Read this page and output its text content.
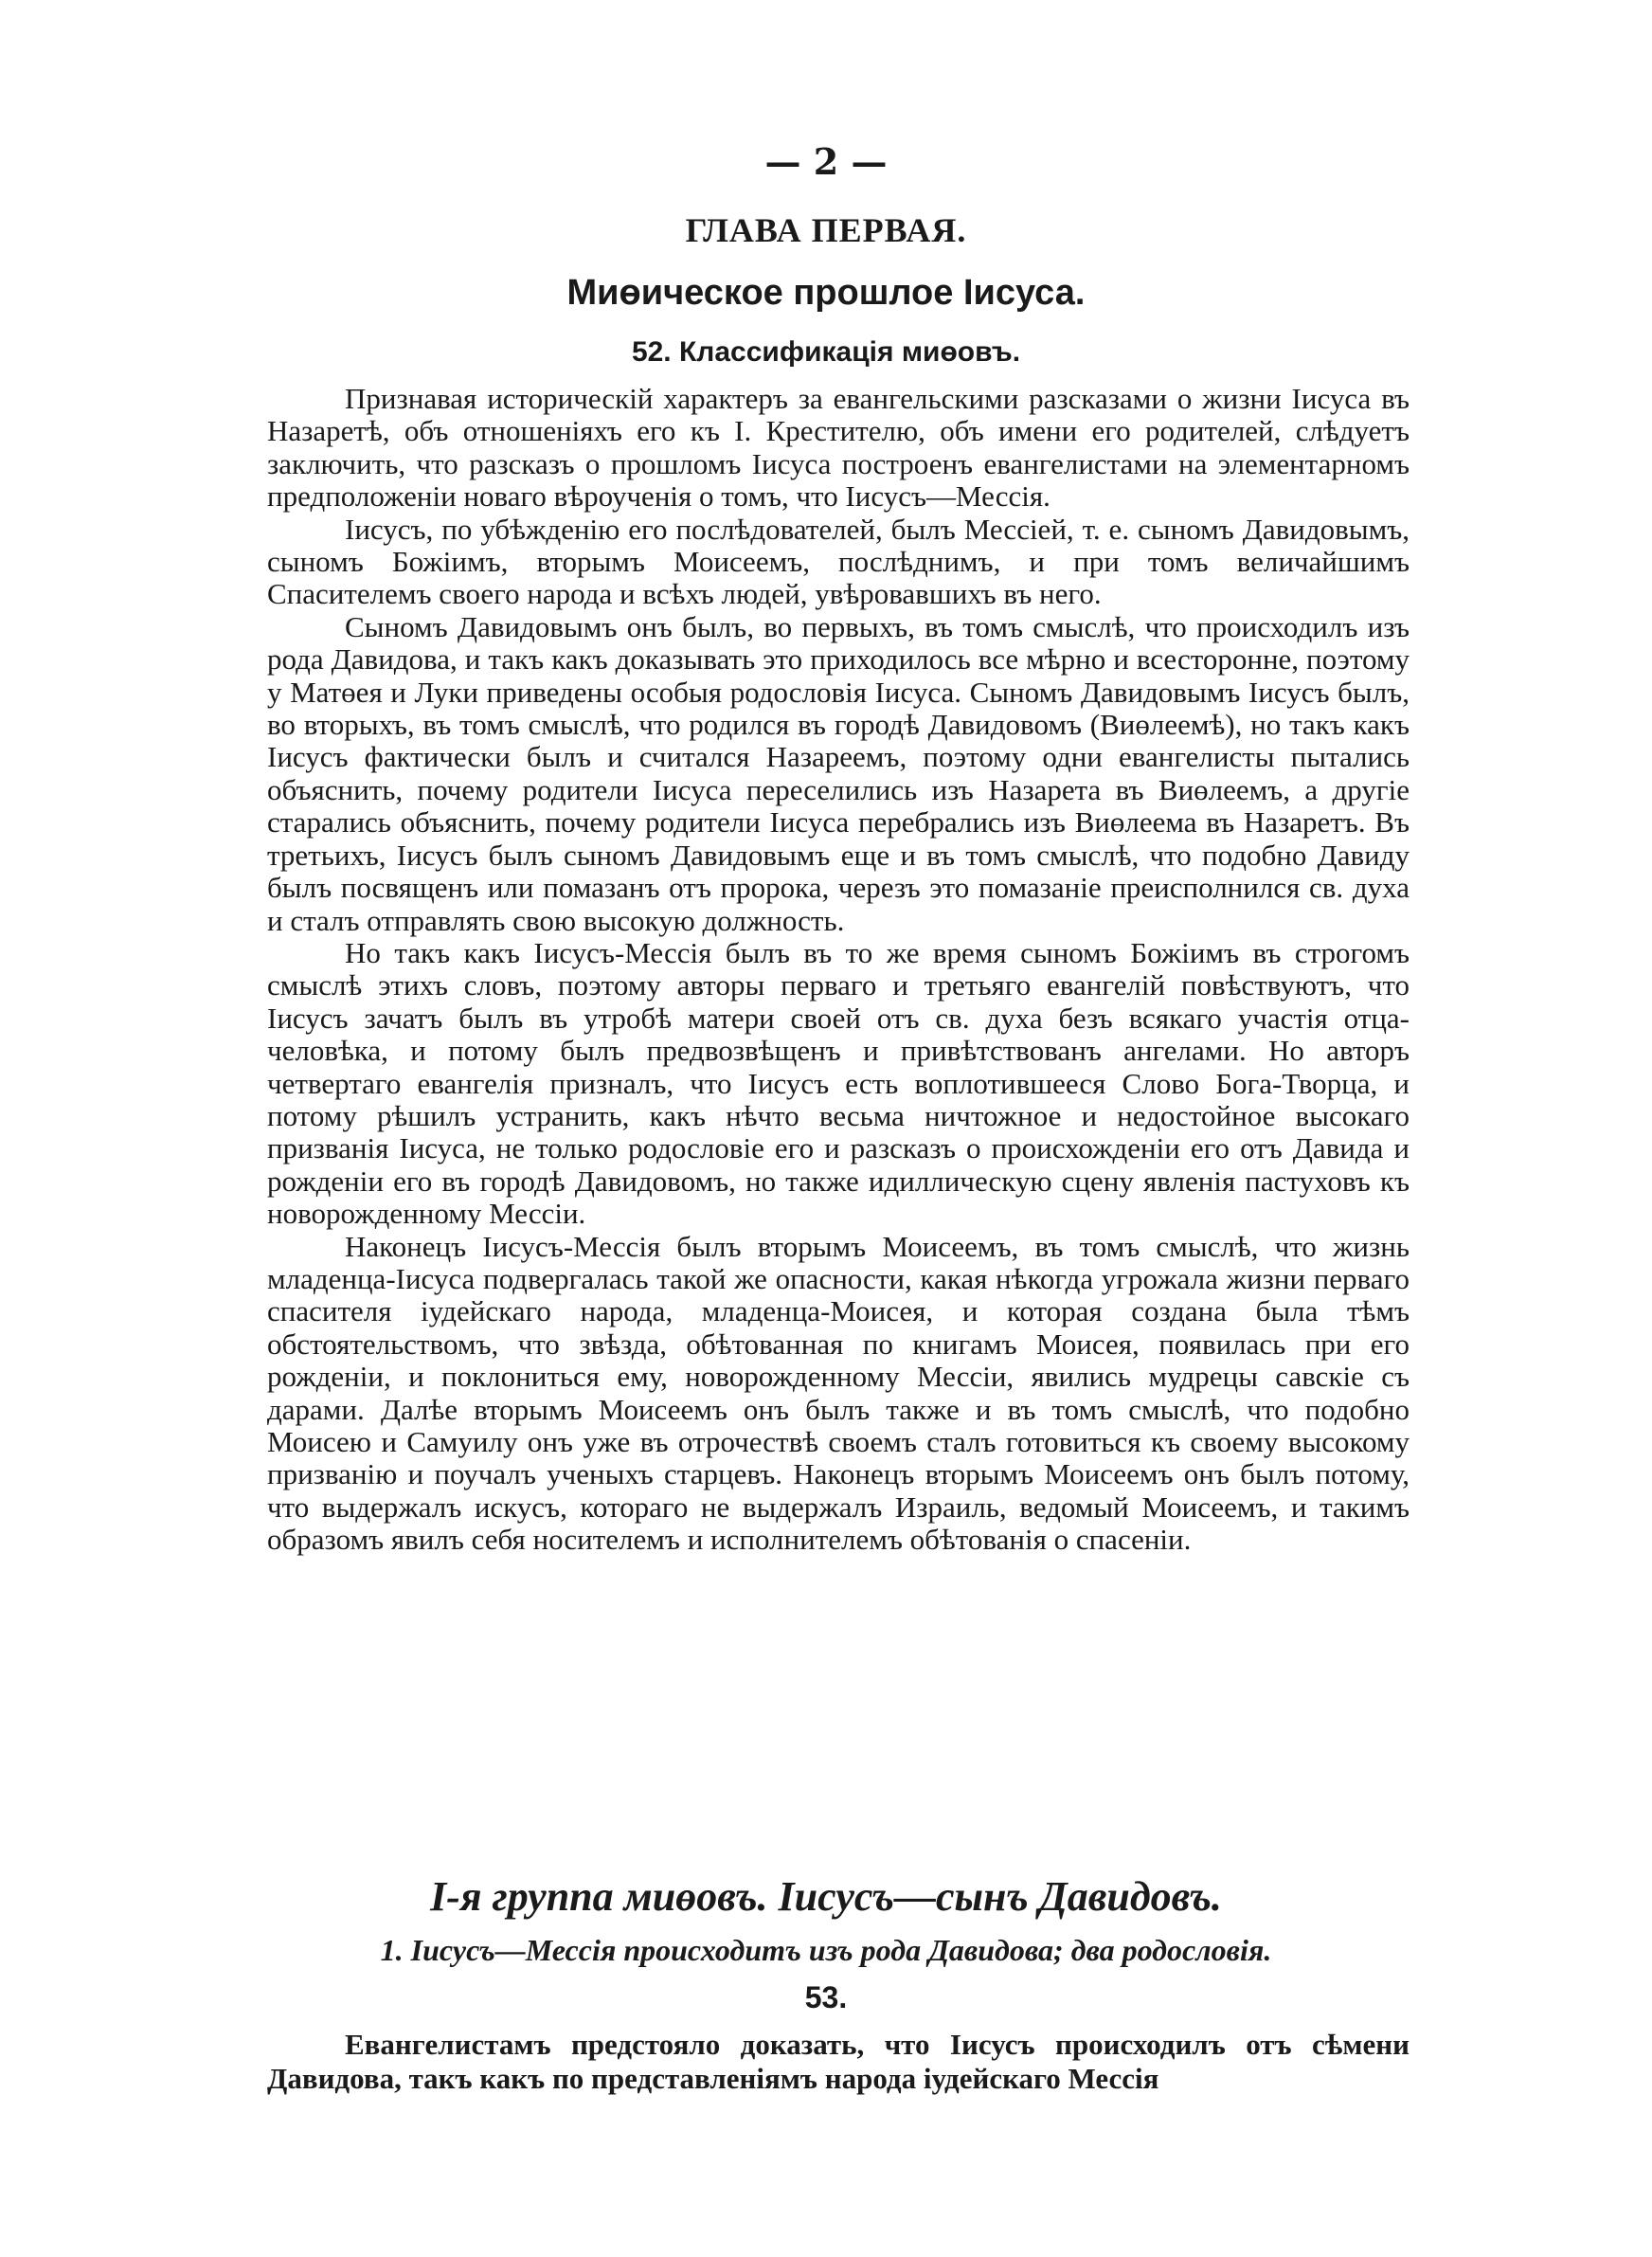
— 2 —
ГЛАВА ПЕРВАЯ.
Миөическое прошлое Іисуса.
52. Классификація миөовъ.

Признавая историческій характеръ за евангельскими разсказами о жизни Іисуса въ Назаретѣ, объ отношеніяхъ его къ І. Крестителю, объ имени его родителей, слѣдуетъ заключить, что разсказъ о прошломъ Іисуса построенъ евангелистами на элементарномъ предположеніи новаго вѣроученія о томъ, что Іисусъ—Мессія.

Іисусъ, по убѣжденію его послѣдователей, былъ Мессіей, т. е. сыномъ Давидовымъ, сыномъ Божіимъ, вторымъ Моисеемъ, послѣднимъ, и при томъ величайшимъ Спасителемъ своего народа и всѣхъ людей, увѣровавшихъ въ него.

Сыномъ Давидовымъ онъ былъ, во первыхъ, въ томъ смыслѣ, что происходилъ изъ рода Давидова, и такъ какъ доказывать это приходилось все мѣрно и всесторонне, поэтому у Матөея и Луки приведены особыя родословія Іисуса. Сыномъ Давидовымъ Іисусъ былъ, во вторыхъ, въ томъ смыслѣ, что родился въ городѣ Давидовомъ (Виөлеемѣ), но такъ какъ Іисусъ фактически былъ и считался Назареемъ, поэтому одни евангелисты пытались объяснить, почему родители Іисуса переселились изъ Назарета въ Виөлеемъ, а другіе старались объяснить, почему родители Іисуса перебрались изъ Виөлеема въ Назаретъ. Въ третьихъ, Іисусъ былъ сыномъ Давидовымъ еще и въ томъ смыслѣ, что подобно Давиду былъ посвященъ или помазанъ отъ пророка, черезъ это помазаніе преисполнился св. духа и сталъ отправлять свою высокую должность.

Но такъ какъ Іисусъ-Мессія былъ въ то же время сыномъ Божіимъ въ строгомъ смыслѣ этихъ словъ, поэтому авторы перваго и третьяго евангелій повѣствуютъ, что Іисусъ зачатъ былъ въ утробѣ матери своей отъ св. духа безъ всякаго участія отца-человѣка, и потому былъ предвозвѣщенъ и привѣтствованъ ангелами. Но авторъ четвертаго евангелія призналъ, что Іисусъ есть воплотившееся Слово Бога-Творца, и потому рѣшилъ устранить, какъ нѣчто весьма ничтожное и недостойное высокаго призванія Іисуса, не только родословіе его и разсказъ о происхожденіи его отъ Давида и рожденіи его въ городѣ Давидовомъ, но также идиллическую сцену явленія пастуховъ къ новорожденному Мессіи.

Наконецъ Іисусъ-Мессія былъ вторымъ Моисеемъ, въ томъ смыслѣ, что жизнь младенца-Іисуса подвергалась такой же опасности, какая нѣкогда угрожала жизни перваго спасителя іудейскаго народа, младенца-Моисея, и которая создана была тѣмъ обстоятельствомъ, что звѣзда, обѣтованная по книгамъ Моисея, появилась при его рожденіи, и поклониться ему, новорожденному Мессіи, явились мудрецы савскіе съ дарами. Далѣе вторымъ Моисеемъ онъ былъ также и въ томъ смыслѣ, что подобно Моисею и Самуилу онъ уже въ отрочествѣ своемъ сталъ готовиться къ своему высокому призванію и поучалъ ученыхъ старцевъ. Наконецъ вторымъ Моисеемъ онъ былъ потому, что выдержалъ искусъ, котораго не выдержалъ Израиль, ведомый Моисеемъ, и такимъ образомъ явилъ себя носителемъ и исполнителемъ обѣтованія о спасеніи.

І-я группа миөовъ. Іисусъ—сынъ Давидовъ.
1. Іисусъ—Мессія происходитъ изъ рода Давидова; два родословія.
53.

Евангелистамъ предстояло доказать, что Іисусъ происходилъ отъ сѣмени Давидова, такъ какъ по представленіямъ народа іудейскаго Мессія
